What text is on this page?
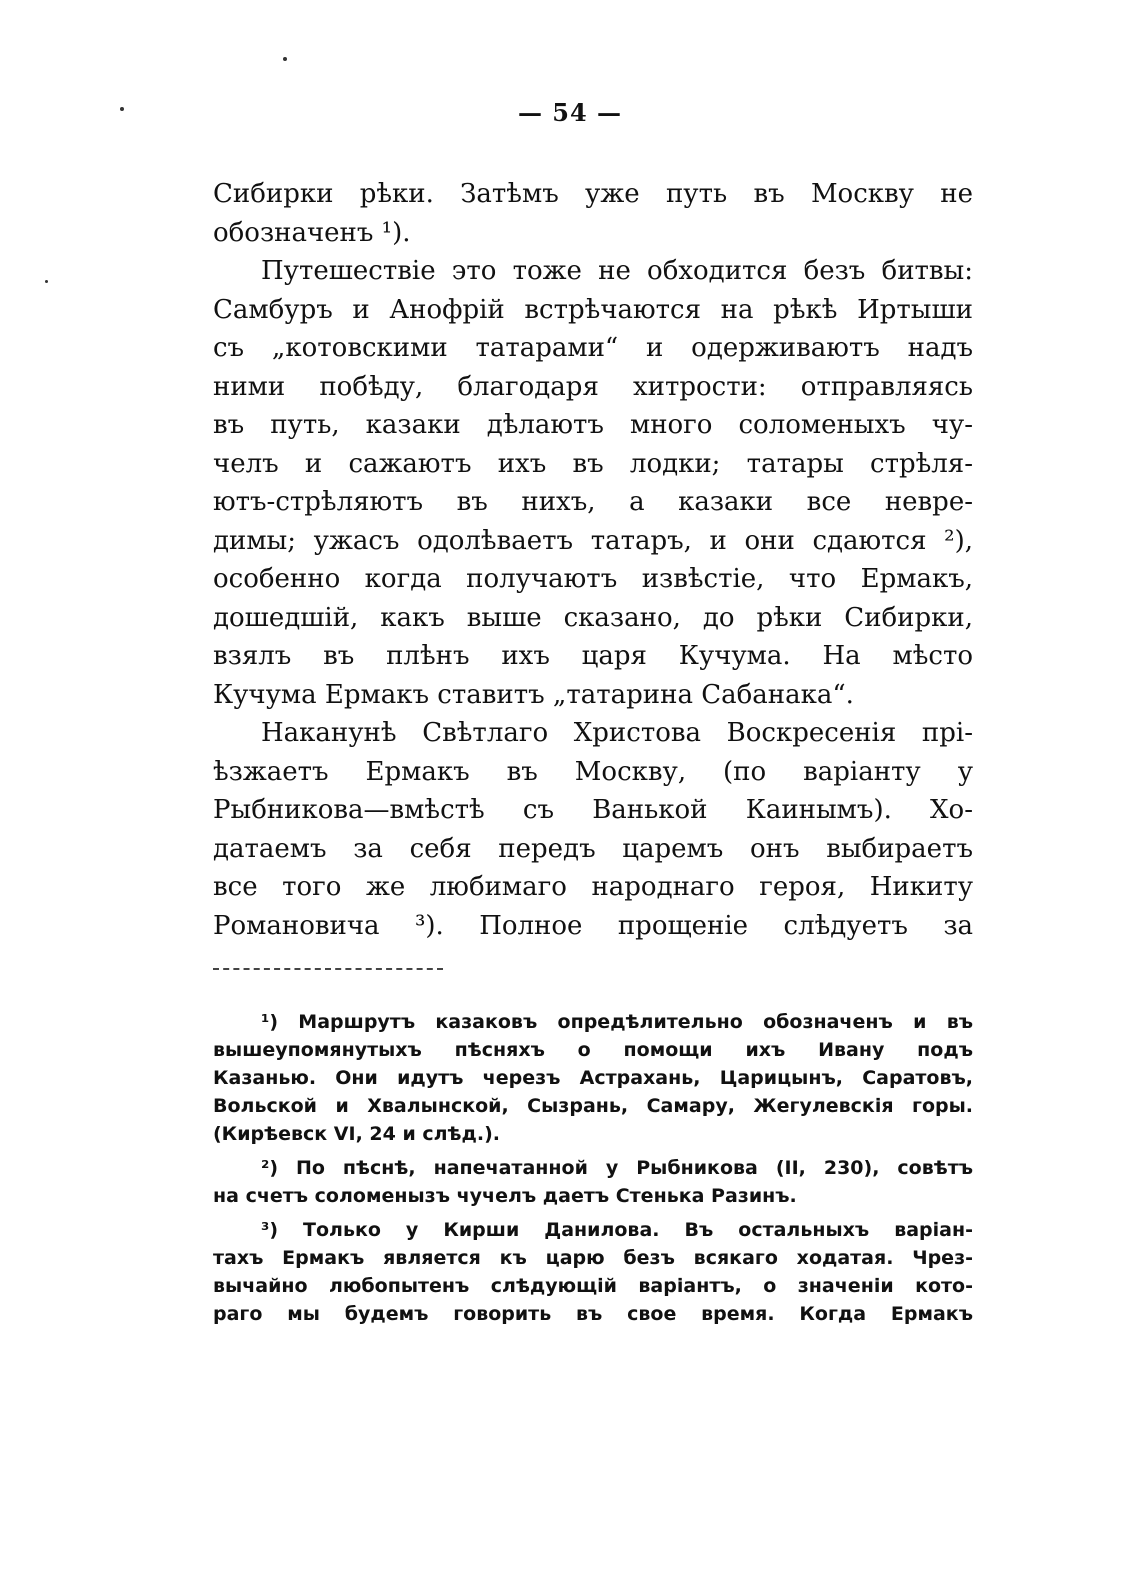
— 54 —
Сибирки рѣки. Затѣмъ уже путь въ Москву не
обозначенъ ¹).
Путешествіе это тоже не обходится безъ битвы:
Самбуръ и Анофрій встрѣчаются на рѣкѣ Иртыши
съ „котовскими татарами“ и одерживаютъ надъ
ними побѣду, благодаря хитрости: отправляясь
въ путь, казаки дѣлаютъ много соломеныхъ чу-
челъ и сажаютъ ихъ въ лодки; татары стрѣля-
ютъ-стрѣляютъ въ нихъ, а казаки все невре-
димы; ужасъ одолѣваетъ татаръ, и они сдаются ²),
особенно когда получаютъ извѣстіе, что Ермакъ,
дошедшій, какъ выше сказано, до рѣки Сибирки,
взялъ въ плѣнъ ихъ царя Кучума. На мѣсто
Кучума Ермакъ ставитъ „татарина Сабанака“.
Наканунѣ Свѣтлаго Христова Воскресенія прі-
ѣзжаетъ Ермакъ въ Москву, (по варіанту у
Рыбникова—вмѣстѣ съ Ванькой Каинымъ). Хо-
датаемъ за себя передъ царемъ онъ выбираетъ
все того же любимаго народнаго героя, Никиту
Романовича ³). Полное прощеніе слѣдуетъ за
¹) Маршрутъ казаковъ опредѣлительно обозначенъ и въ
вышеупомянутыхъ пѣсняхъ о помощи ихъ Ивану подъ
Казанью. Они идутъ черезъ Астрахань, Царицынъ, Саратовъ,
Вольской и Хвалынской, Сызрань, Самару, Жегулевскія горы.
(Кирѣевск VI, 24 и слѣд.).
²) По пѣснѣ, напечатанной у Рыбникова (II, 230), совѣтъ
на счетъ соломенызъ чучелъ даетъ Стенька Разинъ.
³) Только у Кирши Данилова. Въ остальныхъ варіан-
тахъ Ермакъ является къ царю безъ всякаго ходатая. Чрез-
вычайно любопытенъ слѣдующій варіантъ, о значеніи кото-
раго мы будемъ говорить въ свое время. Когда Ермакъ
